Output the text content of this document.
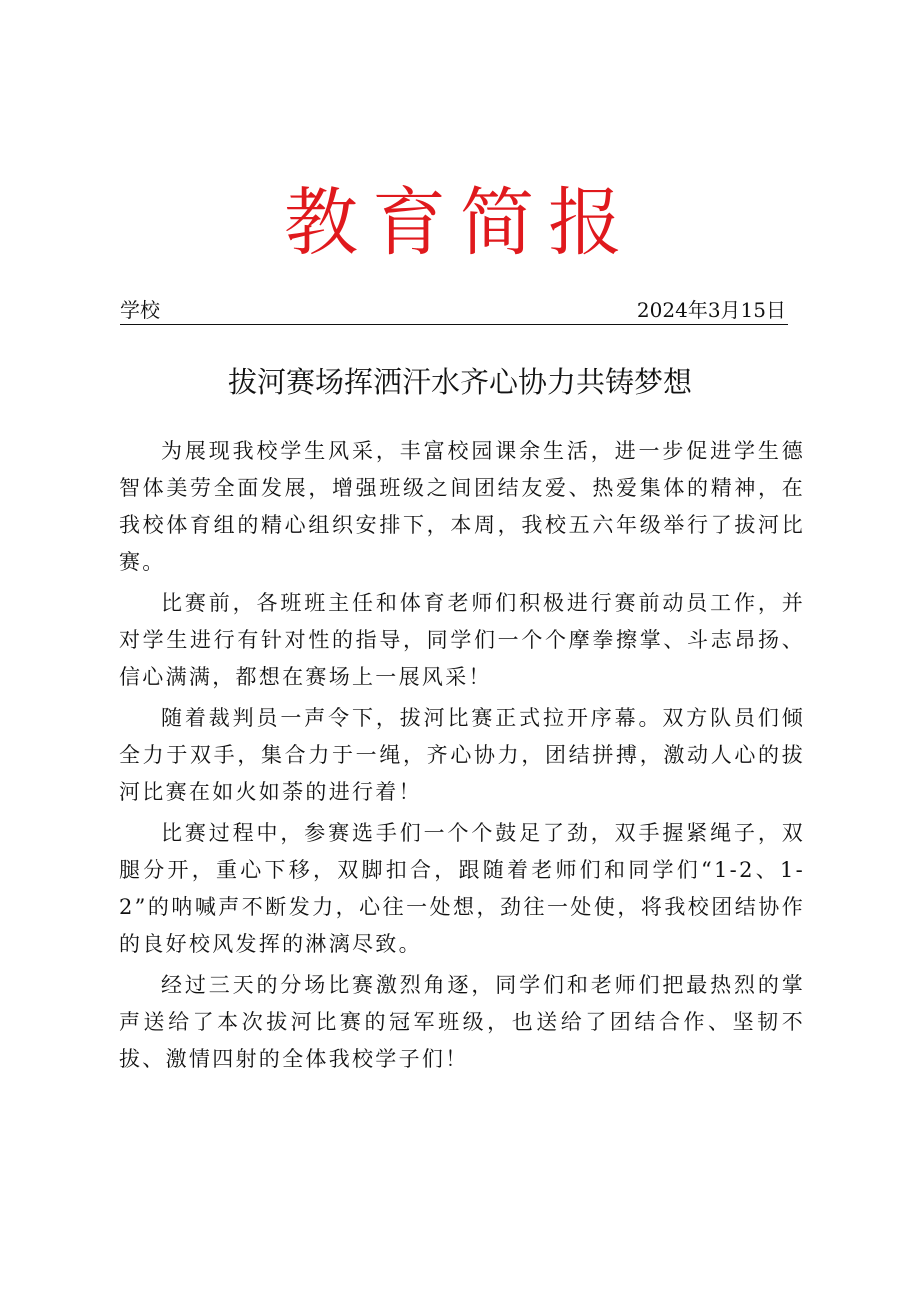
教育简报
学校	2024年3月15日
拔河赛场挥洒汗水齐心协力共铸梦想

为展现我校学生风采，丰富校园课余生活，进一步促进学生德智体美劳全面发展，增强班级之间团结友爱、热爱集体的精神，在我校体育组的精心组织安排下，本周，我校五六年级举行了拔河比赛。

比赛前，各班班主任和体育老师们积极进行赛前动员工作，并对学生进行有针对性的指导，同学们一个个摩拳擦掌、斗志昂扬、信心满满，都想在赛场上一展风采！

随着裁判员一声令下，拔河比赛正式拉开序幕。双方队员们倾全力于双手，集合力于一绳，齐心协力，团结拼搏，激动人心的拔河比赛在如火如荼的进行着！

比赛过程中，参赛选手们一个个鼓足了劲，双手握紧绳子，双腿分开，重心下移，双脚扣合，跟随着老师们和同学们“1-2、1-2”的呐喊声不断发力，心往一处想，劲往一处使，将我校团结协作的良好校风发挥的淋漓尽致。

经过三天的分场比赛激烈角逐，同学们和老师们把最热烈的掌声送给了本次拔河比赛的冠军班级，也送给了团结合作、坚韧不拔、激情四射的全体我校学子们！
